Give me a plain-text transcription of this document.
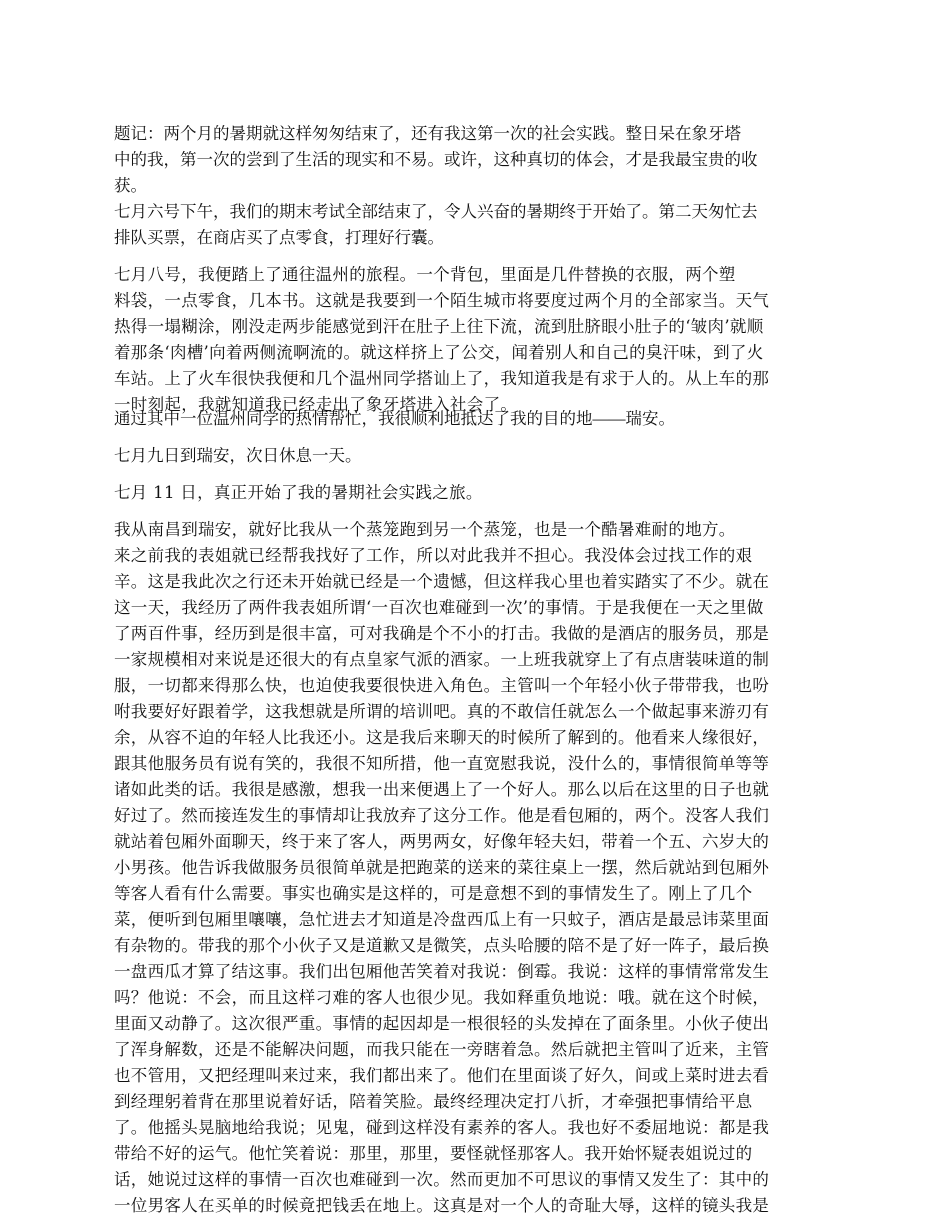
题记：两个月的暑期就这样匆匆结束了，还有我这第一次的社会实践。整日呆在象牙塔
中的我，第一次的尝到了生活的现实和不易。或许，这种真切的体会，才是我最宝贵的收
获。
七月六号下午，我们的期末考试全部结束了，令人兴奋的暑期终于开始了。第二天匆忙去
排队买票，在商店买了点零食，打理好行囊。
七月八号，我便踏上了通往温州的旅程。一个背包，里面是几件替换的衣服，两个塑
料袋，一点零食，几本书。这就是我要到一个陌生城市将要度过两个月的全部家当。天气
热得一塌糊涂，刚没走两步能感觉到汗在肚子上往下流，流到肚脐眼小肚子的‘皱肉’就顺
着那条‘肉槽’向着两侧流啊流的。就这样挤上了公交，闻着别人和自己的臭汗味，到了火
车站。上了火车很快我便和几个温州同学搭讪上了，我知道我是有求于人的。从上车的那
一时刻起，我就知道我已经走出了象牙塔进入社会了。
通过其中一位温州同学的热情帮忙，我很顺利地抵达了我的目的地——瑞安。
七月九日到瑞安，次日休息一天。
七月 11 日，真正开始了我的暑期社会实践之旅。
我从南昌到瑞安，就好比我从一个蒸笼跑到另一个蒸笼，也是一个酷暑难耐的地方。
来之前我的表姐就已经帮我找好了工作，所以对此我并不担心。我没体会过找工作的艰
辛。这是我此次之行还未开始就已经是一个遗憾，但这样我心里也着实踏实了不少。就在
这一天，我经历了两件我表姐所谓‘一百次也难碰到一次’的事情。于是我便在一天之里做
了两百件事，经历到是很丰富，可对我确是个不小的打击。我做的是酒店的服务员，那是
一家规模相对来说是还很大的有点皇家气派的酒家。一上班我就穿上了有点唐装味道的制
服，一切都来得那么快，也迫使我要很快进入角色。主管叫一个年轻小伙子带带我，也吩
咐我要好好跟着学，这我想就是所谓的培训吧。真的不敢信任就怎么一个做起事来游刃有
余，从容不迫的年轻人比我还小。这是我后来聊天的时候所了解到的。他看来人缘很好，
跟其他服务员有说有笑的，我很不知所措，他一直宽慰我说，没什么的，事情很简单等等
诸如此类的话。我很是感激，想我一出来便遇上了一个好人。那么以后在这里的日子也就
好过了。然而接连发生的事情却让我放弃了这分工作。他是看包厢的，两个。没客人我们
就站着包厢外面聊天，终于来了客人，两男两女，好像年轻夫妇，带着一个五、六岁大的
小男孩。他告诉我做服务员很简单就是把跑菜的送来的菜往桌上一摆，然后就站到包厢外
等客人看有什么需要。事实也确实是这样的，可是意想不到的事情发生了。刚上了几个
菜，便听到包厢里嚷嚷，急忙进去才知道是冷盘西瓜上有一只蚊子，酒店是最忌讳菜里面
有杂物的。带我的那个小伙子又是道歉又是微笑，点头哈腰的陪不是了好一阵子，最后换
一盘西瓜才算了结这事。我们出包厢他苦笑着对我说：倒霉。我说：这样的事情常常发生
吗？他说：不会，而且这样刁难的客人也很少见。我如释重负地说：哦。就在这个时候，
里面又动静了。这次很严重。事情的起因却是一根很轻的头发掉在了面条里。小伙子使出
了浑身解数，还是不能解决问题，而我只能在一旁瞎着急。然后就把主管叫了近来，主管
也不管用，又把经理叫来过来，我们都出来了。他们在里面谈了好久，间或上菜时进去看
到经理躬着背在那里说着好话，陪着笑脸。最终经理决定打八折，才牵强把事情给平息
了。他摇头晃脑地给我说；见鬼，碰到这样没有素养的客人。我也好不委屈地说：都是我
带给不好的运气。他忙笑着说：那里，那里，要怪就怪那客人。我开始怀疑表姐说过的
话，她说过这样的事情一百次也难碰到一次。然而更加不可思议的事情又发生了：其中的
一位男客人在买单的时候竟把钱丢在地上。这真是对一个人的奇耻大辱，这样的镜头我是
